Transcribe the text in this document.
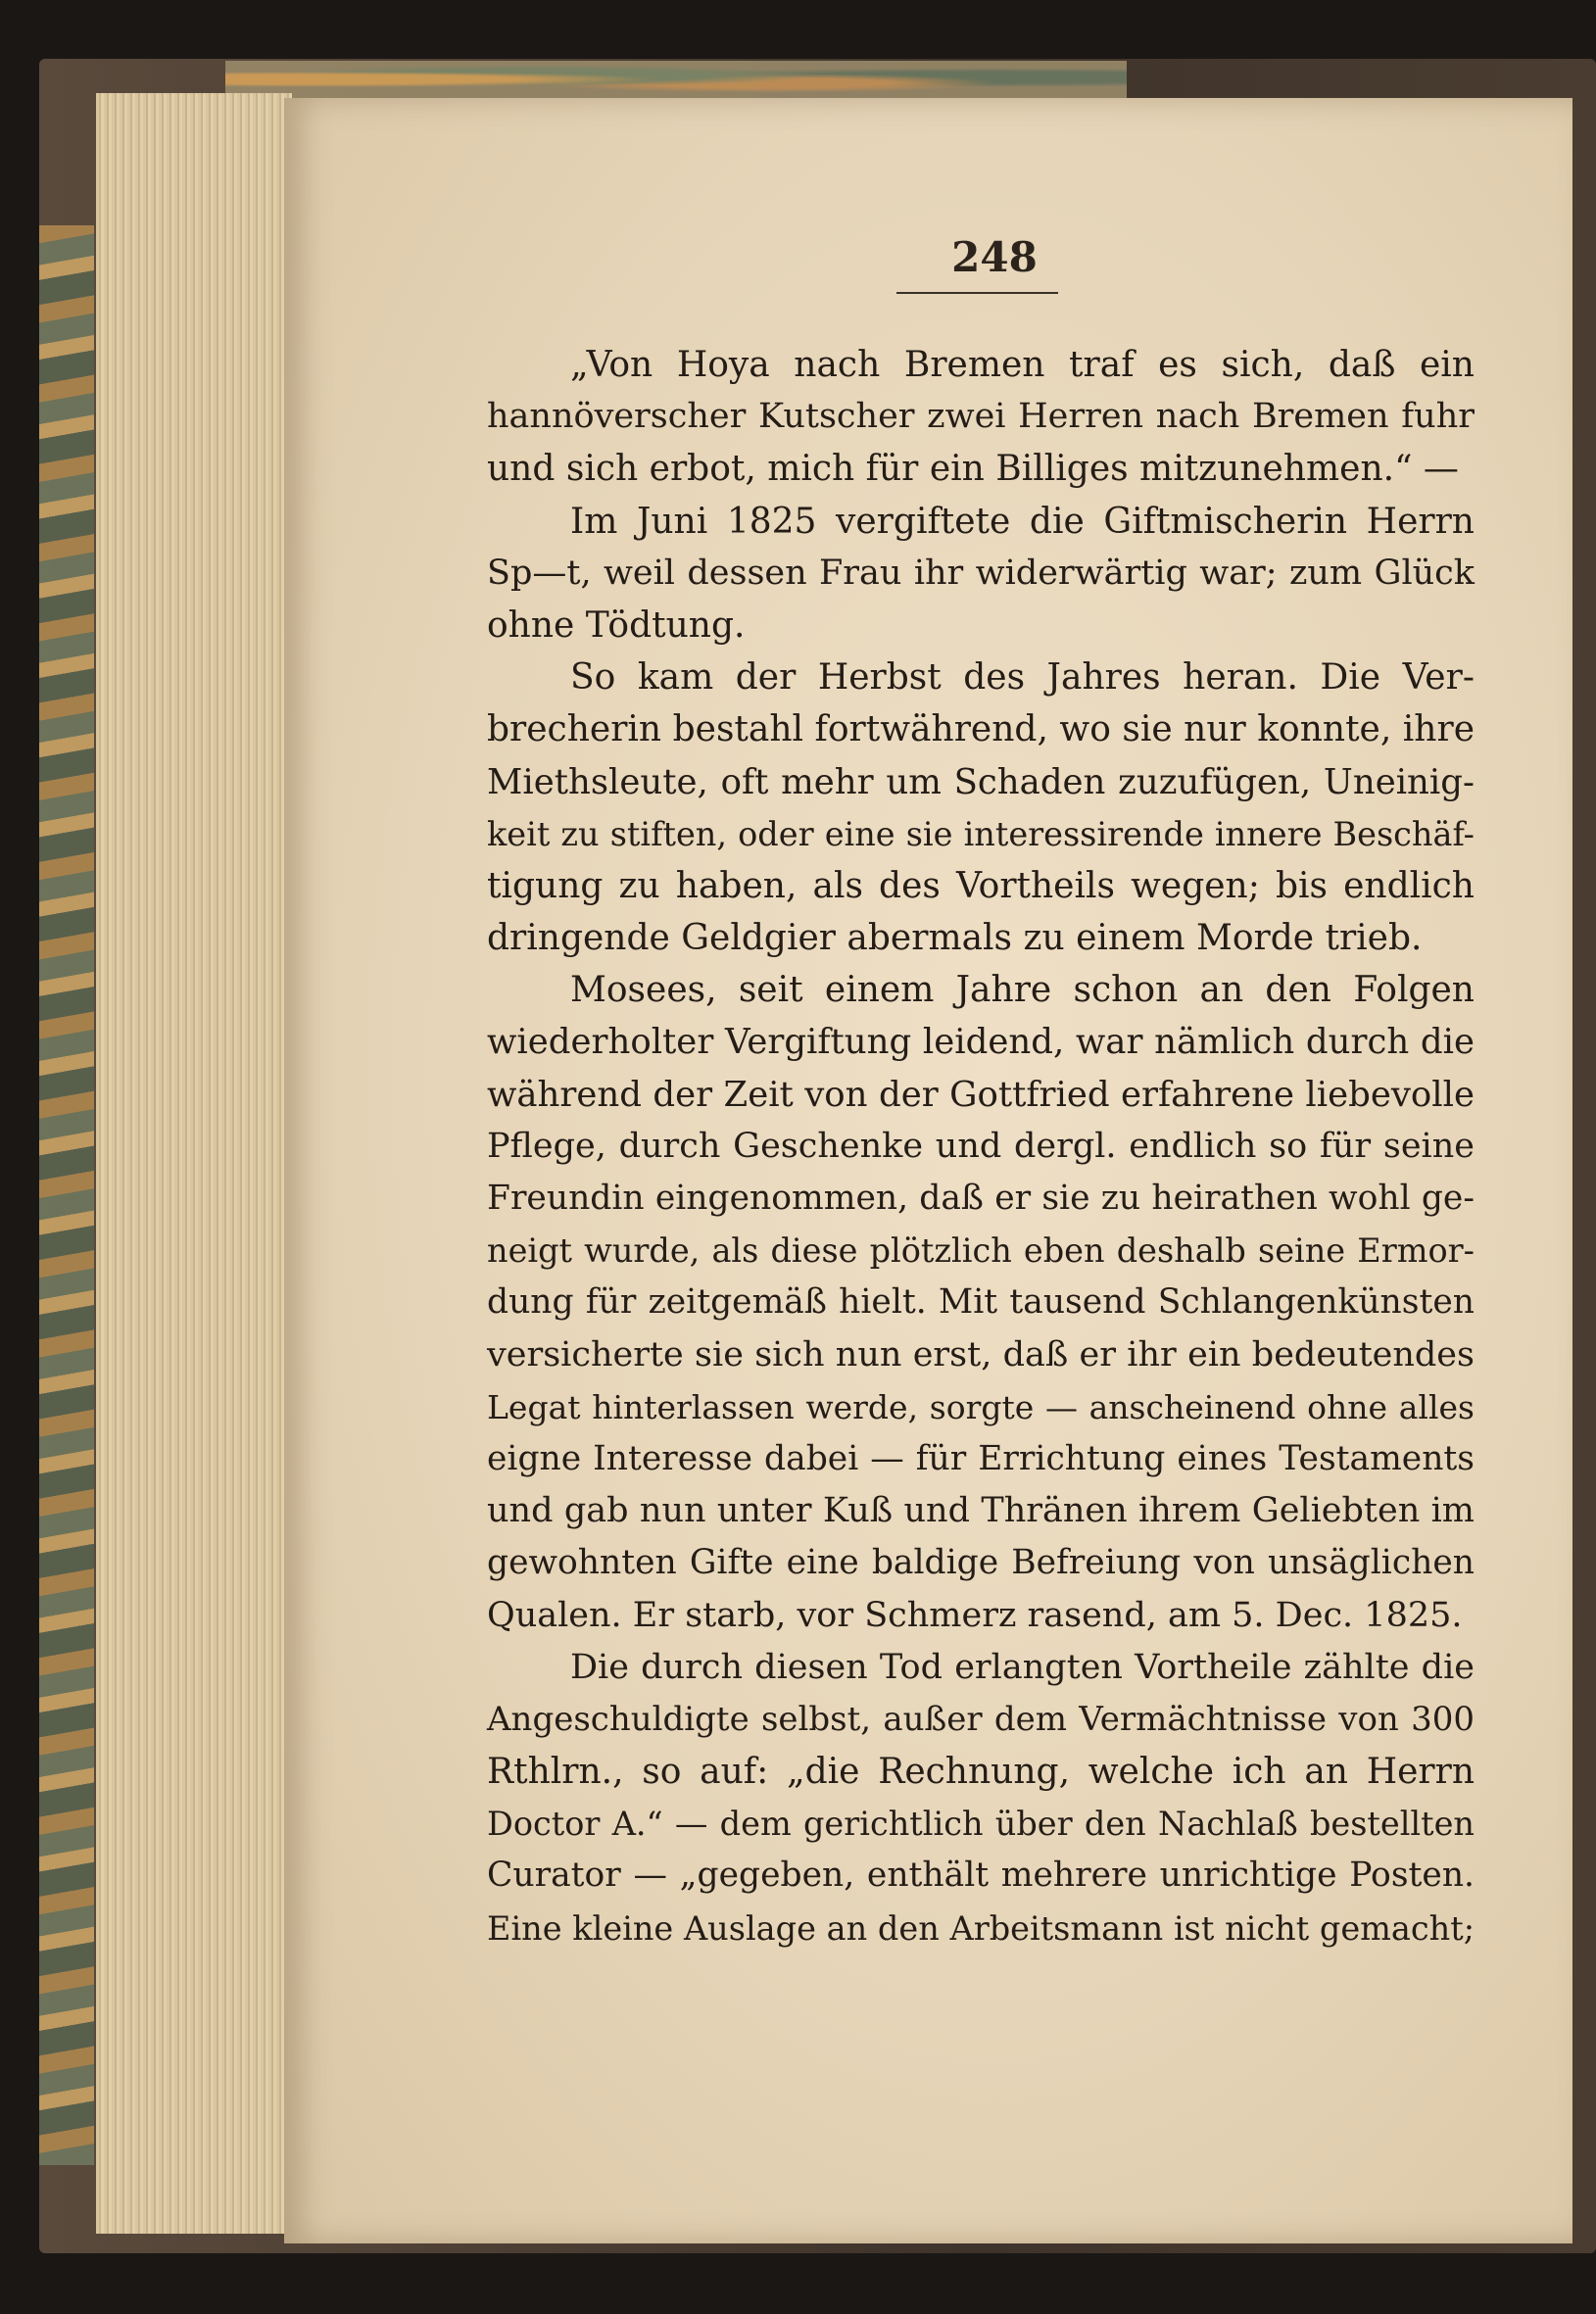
248
„Von Hoya nach Bremen traf es sich, daß ein
hannöverscher Kutscher zwei Herren nach Bremen fuhr
und sich erbot, mich für ein Billiges mitzunehmen.“ —
Im Juni 1825 vergiftete die Giftmischerin Herrn
Sp—t, weil dessen Frau ihr widerwärtig war; zum Glück
ohne Tödtung.
So kam der Herbst des Jahres heran. Die Ver-
brecherin bestahl fortwährend, wo sie nur konnte, ihre
Miethsleute, oft mehr um Schaden zuzufügen, Uneinig-
keit zu stiften, oder eine sie interessirende innere Beschäf-
tigung zu haben, als des Vortheils wegen; bis endlich
dringende Geldgier abermals zu einem Morde trieb.
Mosees, seit einem Jahre schon an den Folgen
wiederholter Vergiftung leidend, war nämlich durch die
während der Zeit von der Gottfried erfahrene liebevolle
Pflege, durch Geschenke und dergl. endlich so für seine
Freundin eingenommen, daß er sie zu heirathen wohl ge-
neigt wurde, als diese plötzlich eben deshalb seine Ermor-
dung für zeitgemäß hielt. Mit tausend Schlangenkünsten
versicherte sie sich nun erst, daß er ihr ein bedeutendes
Legat hinterlassen werde, sorgte — anscheinend ohne alles
eigne Interesse dabei — für Errichtung eines Testaments
und gab nun unter Kuß und Thränen ihrem Geliebten im
gewohnten Gifte eine baldige Befreiung von unsäglichen
Qualen. Er starb, vor Schmerz rasend, am 5. Dec. 1825.
Die durch diesen Tod erlangten Vortheile zählte die
Angeschuldigte selbst, außer dem Vermächtnisse von 300
Rthlrn., so auf: „die Rechnung, welche ich an Herrn
Doctor A.“ — dem gerichtlich über den Nachlaß bestellten
Curator — „gegeben, enthält mehrere unrichtige Posten.
Eine kleine Auslage an den Arbeitsmann ist nicht gemacht;
